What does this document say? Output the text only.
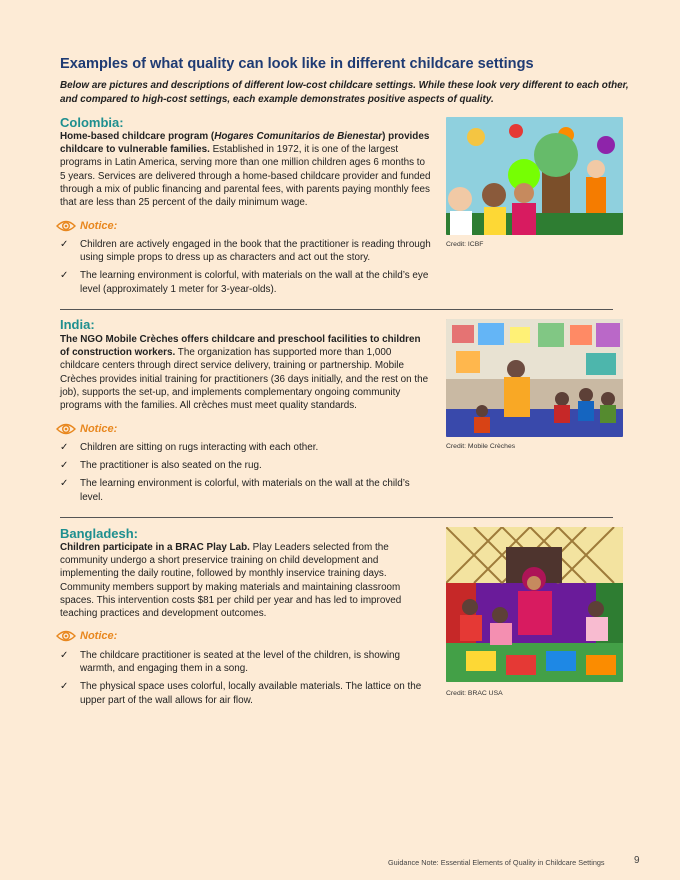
Examples of what quality can look like in different childcare settings
Below are pictures and descriptions of different low-cost childcare settings. While these look very different to each other, and compared to high-cost settings, each example demonstrates positive aspects of quality.
Colombia:
Home-based childcare program (Hogares Comunitarios de Bienestar) provides childcare to vulnerable families. Established in 1972, it is one of the largest programs in Latin America, serving more than one million children ages 6 months to 5 years. Services are delivered through a home-based childcare provider and funded through a mix of public financing and parental fees, with parents paying monthly fees that are less than 25 percent of the daily minimum wage.
Notice:
✓ Children are actively engaged in the book that the practitioner is reading through using simple props to dress up as characters and act out the story.
✓ The learning environment is colorful, with materials on the wall at the child’s eye level (approximately 1 meter for 3-year-olds).
Credit: ICBF
India:
The NGO Mobile Crèches offers childcare and preschool facilities to children of construction workers. The organization has supported more than 1,000 childcare centers through direct service delivery, training or partnership. Mobile Crèches provides initial training for practitioners (36 days initially, and the rest on the job), supports the set-up, and implements complementary ongoing community programs with the families. All crèches must meet quality standards.
Notice:
✓ Children are sitting on rugs interacting with each other.
✓ The practitioner is also seated on the rug.
✓ The learning environment is colorful, with materials on the wall at the child’s level.
Credit: Mobile Crèches
Bangladesh:
Children participate in a BRAC Play Lab. Play Leaders selected from the community undergo a short preservice training on child development and implementing the daily routine, followed by monthly inservice training days. Community members support by making materials and maintaining classroom spaces. This intervention costs $81 per child per year and has led to improved teaching practices and development outcomes.
Notice:
✓ The childcare practitioner is seated at the level of the children, is showing warmth, and engaging them in a song.
✓ The physical space uses colorful, locally available materials. The lattice on the upper part of the wall allows for air flow.
Credit: BRAC USA
Guidance Note: Essential Elements of Quality in Childcare Settings	9
